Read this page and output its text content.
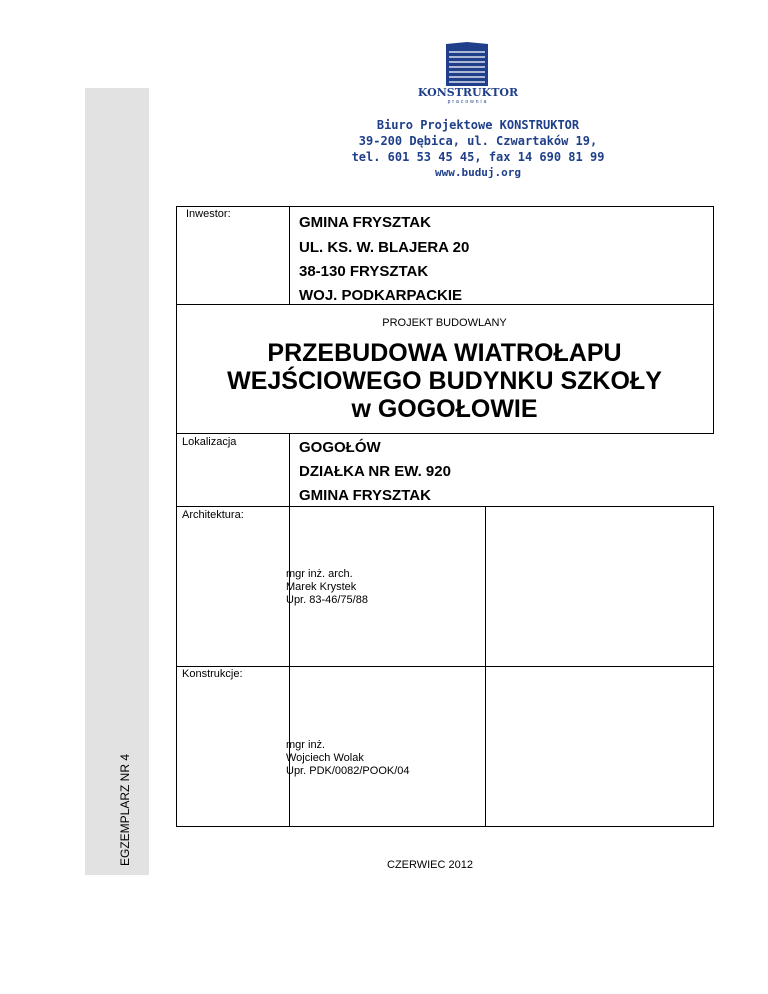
EGZEMPLARZ NR 4
KONSTRUKTOR
pracownia
Biuro Projektowe KONSTRUKTOR
39-200 Dębica, ul. Czwartaków 19,
tel. 601 53 45 45, fax 14 690 81 99
www.buduj.org
Inwestor:	GMINA FRYSZTAK
UL. KS. W. BLAJERA 20
38-130 FRYSZTAK
WOJ. PODKARPACKIE
PROJEKT BUDOWLANY
PRZEBUDOWA WIATROŁAPU
WEJŚCIOWEGO BUDYNKU SZKOŁY
w GOGOŁOWIE
Lokalizacja	GOGOŁÓW
DZIAŁKA NR EW. 920
GMINA FRYSZTAK
Architektura:
mgr inż. arch.
Marek Krystek
Upr. 83-46/75/88
Konstrukcje:
mgr inż.
Wojciech Wolak
Upr. PDK/0082/POOK/04
CZERWIEC 2012
